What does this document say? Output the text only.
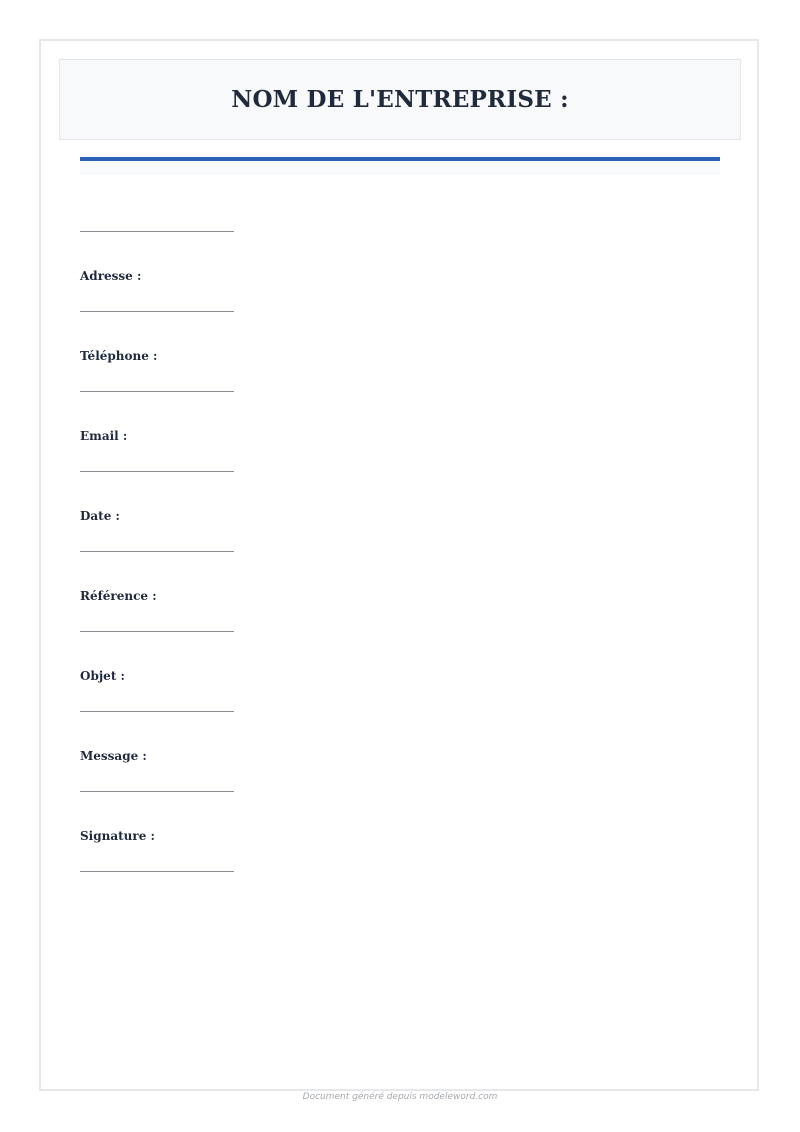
NOM DE L'ENTREPRISE :
Adresse :
Téléphone :
Email :
Date :
Référence :
Objet :
Message :
Signature :
Document généré depuis modeleword.com
